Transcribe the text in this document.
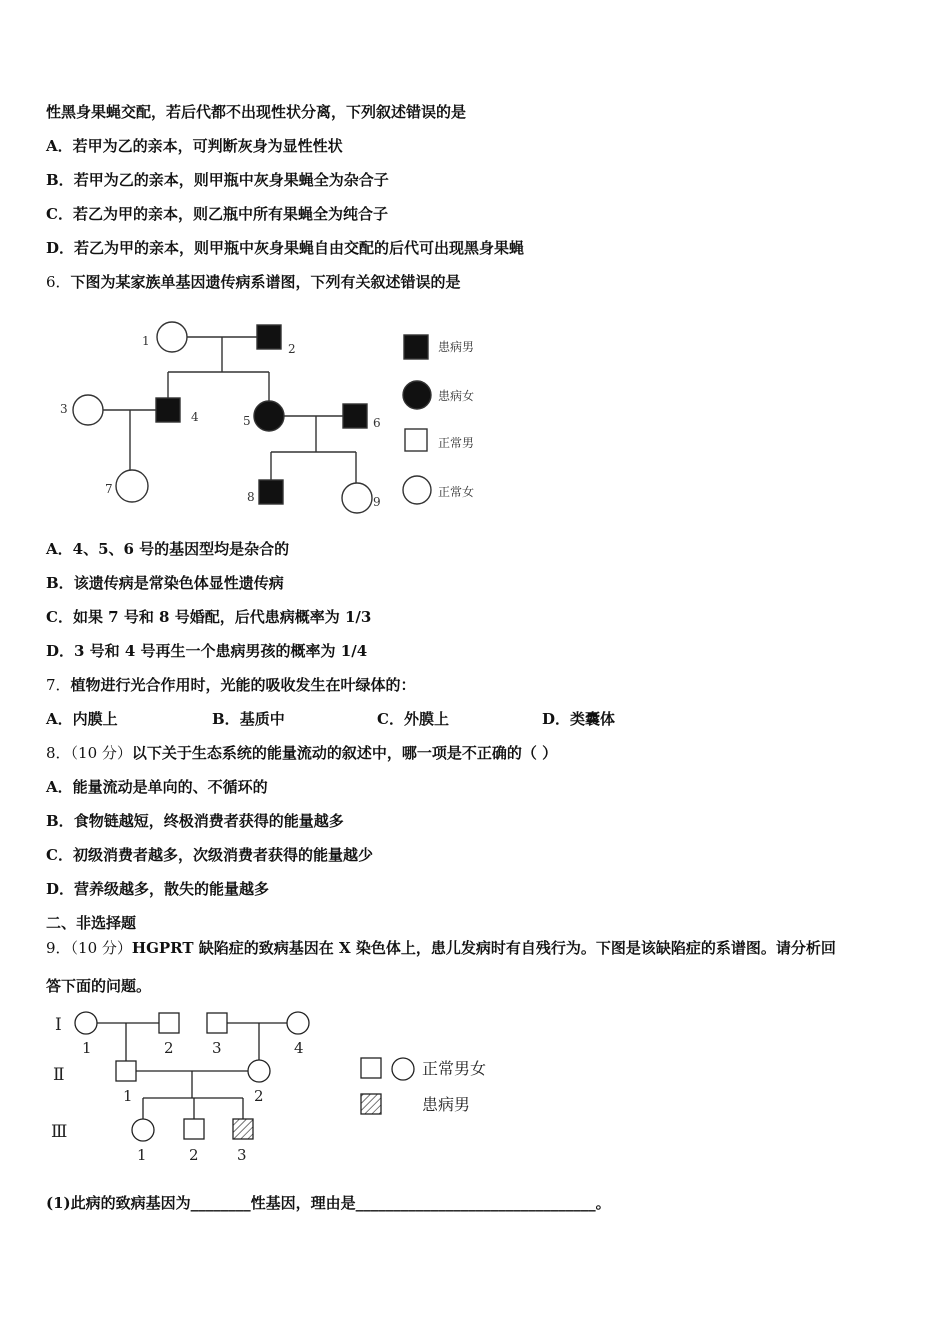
性黑身果蝇交配，若后代都不出现性状分离，下列叙述错误的是
A．若甲为乙的亲本，可判断灰身为显性性状
B．若甲为乙的亲本，则甲瓶中灰身果蝇全为杂合子
C．若乙为甲的亲本，则乙瓶中所有果蝇全为纯合子
D．若乙为甲的亲本，则甲瓶中灰身果蝇自由交配的后代可出现黑身果蝇
6．下图为某家族单基因遗传病系谱图，下列有关叙述错误的是
1
2
3
4	5	6
7
8	9
患病男
患病女
正常男
正常女
A．4、5、6 号的基因型均是杂合的
B．该遗传病是常染色体显性遗传病
C．如果 7 号和 8 号婚配，后代患病概率为 1/3
D．3 号和 4 号再生一个患病男孩的概率为 1/4
7．植物进行光合作用时，光能的吸收发生在叶绿体的：
A．内膜上	B．基质中	C．外膜上	D．类囊体
8．（10 分）以下关于生态系统的能量流动的叙述中，哪一项是不正确的（ ）
A．能量流动是单向的、不循环的
B．食物链越短，终极消费者获得的能量越多
C．初级消费者越多，次级消费者获得的能量越少
D．营养级越多，散失的能量越多
二、非选择题
9．（10 分）HGPRT 缺陷症的致病基因在 X 染色体上，患儿发病时有自残行为。下图是该缺陷症的系谱图。请分析回
答下面的问题。
Ⅰ
Ⅱ
Ⅲ
1	2	3	4
1	2
1	2	3
正常男女
患病男
(1)此病的致病基因为________性基因，理由是________________________________。
